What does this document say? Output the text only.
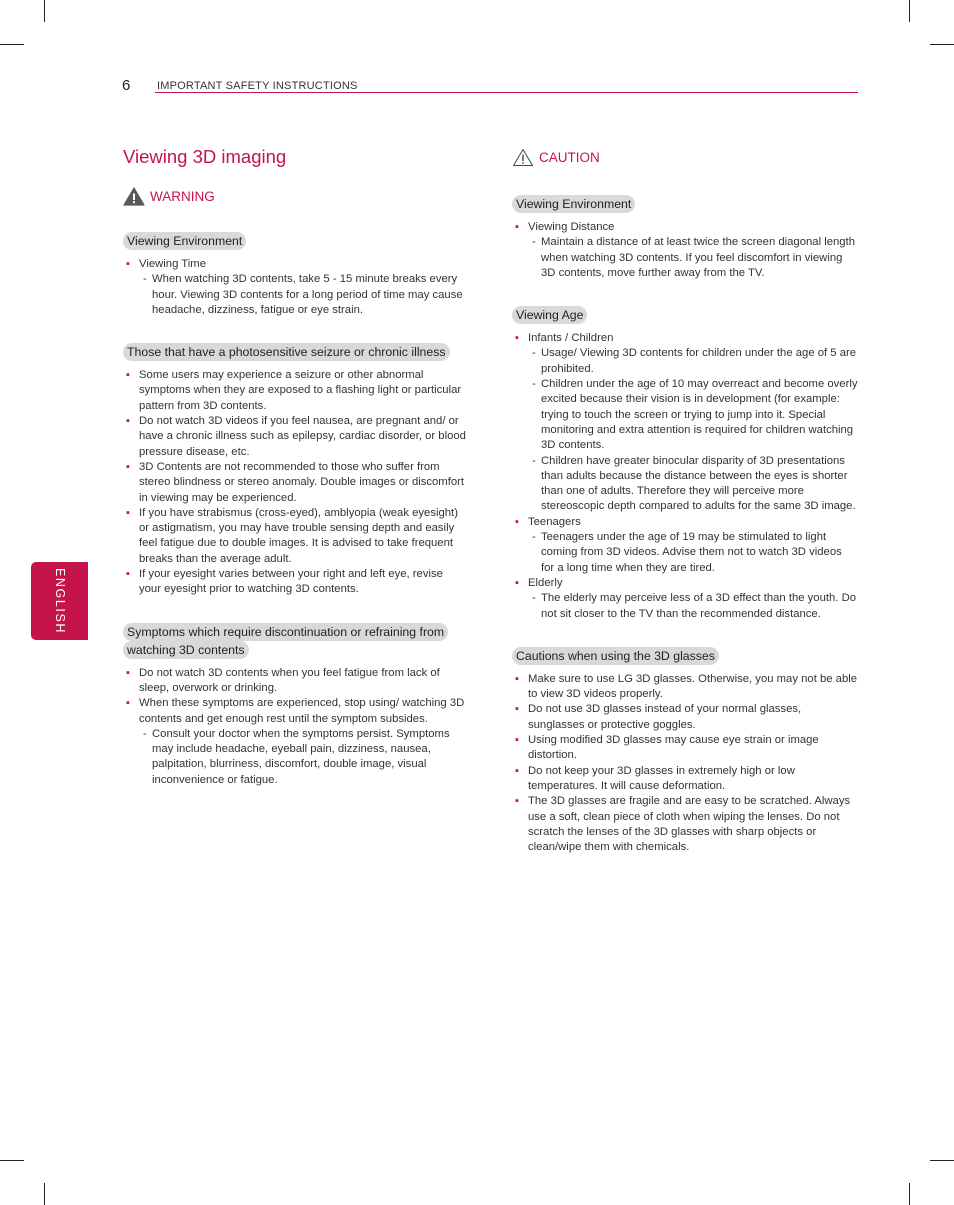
6 IMPORTANT SAFETY INSTRUCTIONS
ENGLISH
Viewing 3D imaging
WARNING
Viewing Environment
▪ Viewing Time
- When watching 3D contents, take 5 - 15 minute breaks every hour. Viewing 3D contents for a long period of time may cause headache, dizziness, fatigue or eye strain.
Those that have a photosensitive seizure or chronic illness
▪ Some users may experience a seizure or other abnormal symptoms when they are exposed to a flashing light or particular pattern from 3D contents.
▪ Do not watch 3D videos if you feel nausea, are pregnant and/ or have a chronic illness such as epilepsy, cardiac disorder, or blood pressure disease, etc.
▪ 3D Contents are not recommended to those who suffer from stereo blindness or stereo anomaly. Double images or discomfort in viewing may be experienced.
▪ If you have strabismus (cross-eyed), amblyopia (weak eyesight) or astigmatism, you may have trouble sensing depth and easily feel fatigue due to double images. It is advised to take frequent breaks than the average adult.
▪ If your eyesight varies between your right and left eye, revise your eyesight prior to watching 3D contents.
Symptoms which require discontinuation or refraining from watching 3D contents
▪ Do not watch 3D contents when you feel fatigue from lack of sleep, overwork or drinking.
▪ When these symptoms are experienced, stop using/ watching 3D contents and get enough rest until the symptom subsides.
- Consult your doctor when the symptoms persist. Symptoms may include headache, eyeball pain, dizziness, nausea, palpitation, blurriness, discomfort, double image, visual inconvenience or fatigue.
CAUTION
Viewing Environment
▪ Viewing Distance
- Maintain a distance of at least twice the screen diagonal length when watching 3D contents. If you feel discomfort in viewing 3D contents, move further away from the TV.
Viewing Age
▪ Infants / Children
- Usage/ Viewing 3D contents for children under the age of 5 are prohibited.
- Children under the age of 10 may overreact and become overly excited because their vision is in development (for example: trying to touch the screen or trying to jump into it. Special monitoring and extra attention is required for children watching 3D contents.
- Children have greater binocular disparity of 3D presentations than adults because the distance between the eyes is shorter than one of adults. Therefore they will perceive more stereoscopic depth compared to adults for the same 3D image.
▪ Teenagers
- Teenagers under the age of 19 may be stimulated to light coming from 3D videos. Advise them not to watch 3D videos for a long time when they are tired.
▪ Elderly
- The elderly may perceive less of a 3D effect than the youth. Do not sit closer to the TV than the recommended distance.
Cautions when using the 3D glasses
▪ Make sure to use LG 3D glasses. Otherwise, you may not be able to view 3D videos properly.
▪ Do not use 3D glasses instead of your normal glasses, sunglasses or protective goggles.
▪ Using modified 3D glasses may cause eye strain or image distortion.
▪ Do not keep your 3D glasses in extremely high or low temperatures. It will cause deformation.
▪ The 3D glasses are fragile and are easy to be scratched. Always use a soft, clean piece of cloth when wiping the lenses. Do not scratch the lenses of the 3D glasses with sharp objects or clean/wipe them with chemicals.
